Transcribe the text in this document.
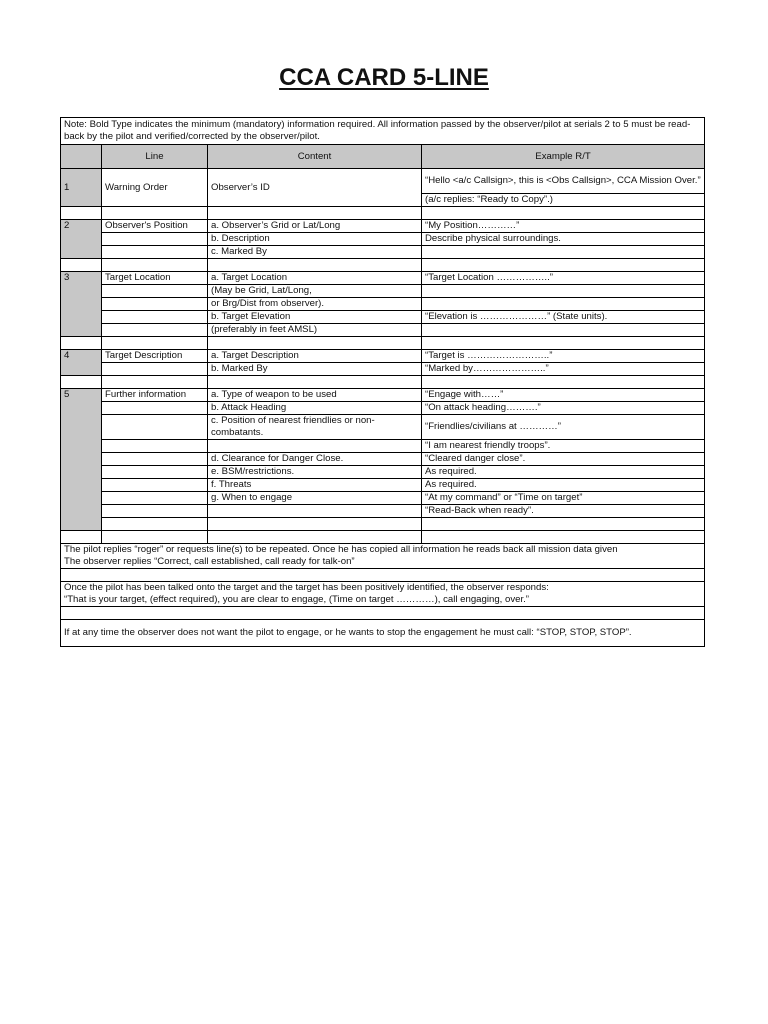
CCA CARD 5-LINE
Note: Bold Type indicates the minimum (mandatory) information required. All information passed by the observer/pilot at serials 2 to 5 must be read-back by the pilot and verified/corrected by the observer/pilot.			
	Line	Content	Example R/T
1	Warning Order	Observer’s ID	“Hello <a/c Callsign>, this is <Obs Callsign>, CCA Mission Over.”
			(a/c replies: “Ready to Copy”.)

2	Observer's Position	a. Observer’s Grid or Lat/Long	“My Position…………”
		b. Description	Describe physical surroundings.
		c. Marked By	

3	Target Location	a. Target Location	“Target Location ……………..”
		(May be Grid, Lat/Long,	
		or Brg/Dist from observer).	
		b. Target Elevation	“Elevation is …………………” (State units).
		(preferably in feet AMSL)	

4	Target Description	a. Target Description	“Target is ……………………..”
		b. Marked By	“Marked by…………………..”

5	Further information	a. Type of weapon to be used	“Engage with……”
		b. Attack Heading	“On attack heading……….”
		c. Position of nearest friendlies or non-combatants.	“Friendlies/civilians at …………”
			“I am nearest friendly troops”.
		d. Clearance for Danger Close.	“Cleared danger close”.
		e. BSM/restrictions.	As required.
		f. Threats	As required.
		g. When to engage	“At my command” or “Time on target”
			“Read-Back when ready”.

The pilot replies “roger” or requests line(s) to be repeated. Once he has copied all information he reads back all mission data given			
The observer replies “Correct, call established, call ready for talk-on”			

Once the pilot has been talked onto the target and the target has been positively identified, the observer responds:			
“That is your target, (effect required), you are clear to engage, (Time on target …………), call engaging, over.”			

If at any time the observer does not want the pilot to engage, or he wants to stop the engagement he must call: “STOP, STOP, STOP”.			
